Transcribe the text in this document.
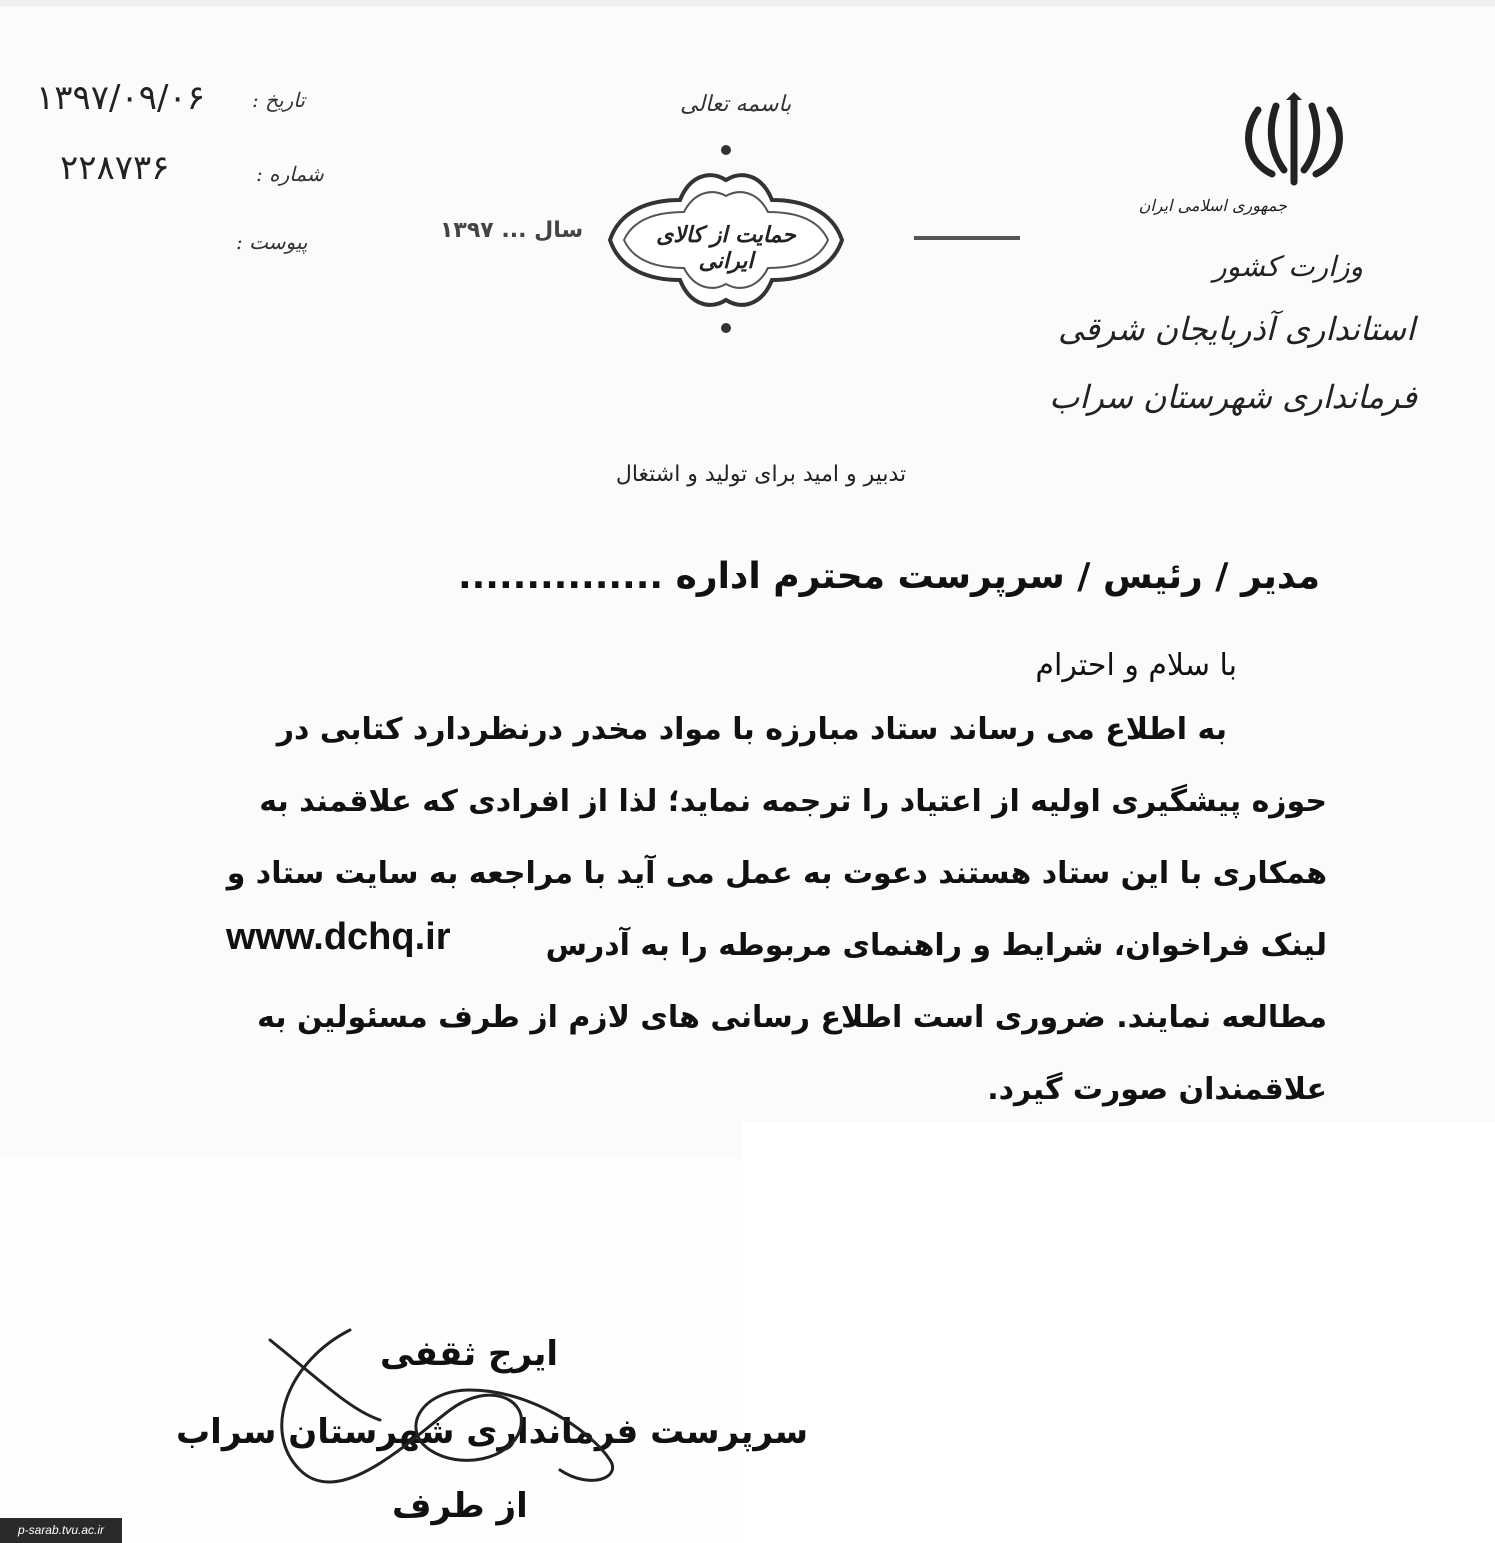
جمهوری اسلامی ایران
وزارت کشور
استانداری آذربایجان شرقی
فرمانداری شهرستان سراب
باسمه تعالی
حمایت از کالای ایرانی
سال ... ۱۳۹۷
تاریخ :
۱۳۹۷/۰۹/۰۶
شماره :
۲۲۸۷۳۶
پیوست :
تدبیر و امید برای تولید و اشتغال
مدیر / رئیس / سرپرست محترم اداره ...............
با سلام و احترام
به اطلاع می رساند ستاد مبارزه با مواد مخدر درنظردارد کتابی در
حوزه پیشگیری اولیه از اعتیاد را ترجمه نماید؛ لذا از افرادی که علاقمند به
همکاری با این ستاد هستند دعوت به عمل می آید با مراجعه به سایت ستاد و
لینک فراخوان، شرایط و راهنمای مربوطه را به آدرس
www.dchq.ir
مطالعه نمایند. ضروری است اطلاع رسانی های لازم از طرف مسئولین به
علاقمندان صورت گیرد.
ایرج ثقفی
سرپرست فرمانداری شهرستان سراب
از طرف
p-sarab.tvu.ac.ir
